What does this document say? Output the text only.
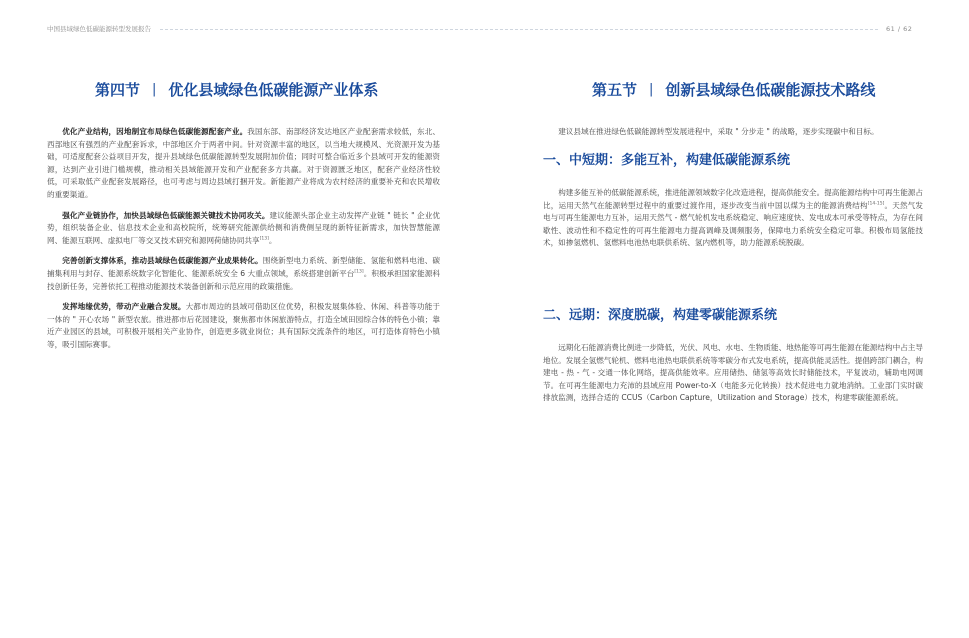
中国县域绿色低碳能源转型发展报告	61 / 62
第四节 | 优化县域绿色低碳能源产业体系	第五节 | 创新县域绿色低碳能源技术路线

优化产业结构，因地制宜布局绿色低碳能源配套产业。我国东部、南部经济发达地区产业配套需求较低，东北、西部地区有强烈的产业配套诉求，中部地区介于两者中间。针对资源丰富的地区，以当地大规模风、光资源开发为基础，可适度配套公益项目开发，提升县域绿色低碳能源转型发展附加价值；同时可整合临近多个县域可开发的能源资源，达到产业引进门槛规模，推动相关县域能源开发和产业配套多方共赢。对于资源匮乏地区，配套产业经济性较低，可采取低产业配套发展路径，也可考虑与周边县域打捆开发。新能源产业将成为农村经济的重要补充和农民增收的重要渠道。

强化产业链协作，加快县域绿色低碳能源关键技术协同攻关。建议能源头部企业主动发挥产业链 " 链长 " 企业优势，组织装备企业、信息技术企业和高校院所，统筹研究能源供给侧和消费侧呈现的新特征新需求，加快智慧能源网、能源互联网、虚拟电厂等交叉技术研究和源网荷储协同共享[13]。

完善创新支撑体系，推动县域绿色低碳能源产业成果转化。围绕新型电力系统、新型储能、氢能和燃料电池、碳捕集利用与封存、能源系统数字化智能化、能源系统安全 6 大重点领域，系统搭建创新平台[13]。积极承担国家能源科技创新任务，完善依托工程推动能源技术装备创新和示范应用的政策措施。

发挥地缘优势，带动产业融合发展。大都市周边的县域可借助区位优势，积极发展集体验、休闲、科普等功能于一体的 " 开心农场 " 新型农旅。推进都市后花园建设，聚焦都市休闲旅游特点，打造全域田园综合体的特色小镇；靠近产业园区的县域，可积极开展相关产业协作，创造更多就业岗位；具有国际交流条件的地区，可打造体育特色小镇等，吸引国际赛事。

建议县域在推进绿色低碳能源转型发展进程中，采取 " 分步走 " 的战略，逐步实现碳中和目标。

一、中短期：多能互补，构建低碳能源系统

构建多能互补的低碳能源系统，推进能源领域数字化改造进程，提高供能安全。提高能源结构中可再生能源占比，运用天然气在能源转型过程中的重要过渡作用，逐步改变当前中国以煤为主的能源消费结构[14-15]。天然气发电与可再生能源电力互补，运用天然气 - 燃气轮机发电系统稳定、响应速度快、发电成本可承受等特点，为存在间歇性、波动性和不稳定性的可再生能源电力提高调峰及调频服务，保障电力系统安全稳定可靠。积极布局氢能技术，如掺氢燃机、氢燃料电池热电联供系统、氢内燃机等，助力能源系统脱碳。

二、远期：深度脱碳，构建零碳能源系统

远期化石能源消费比例进一步降低，光伏、风电、水电、生物质能、地热能等可再生能源在能源结构中占主导地位。发展全氢燃气轮机、燃料电池热电联供系统等零碳分布式发电系统，提高供能灵活性。提倡跨部门耦合，构建电 - 热 - 气 - 交通一体化网络，提高供能效率。应用储热、储氢等高效长时储能技术，平复波动，辅助电网调节。在可再生能源电力充沛的县域应用 Power-to-X（电能多元化转换）技术促进电力就地消纳。工业部门实时碳排放监测，选择合适的 CCUS（Carbon Capture，Utilization and Storage）技术，构建零碳能源系统。
